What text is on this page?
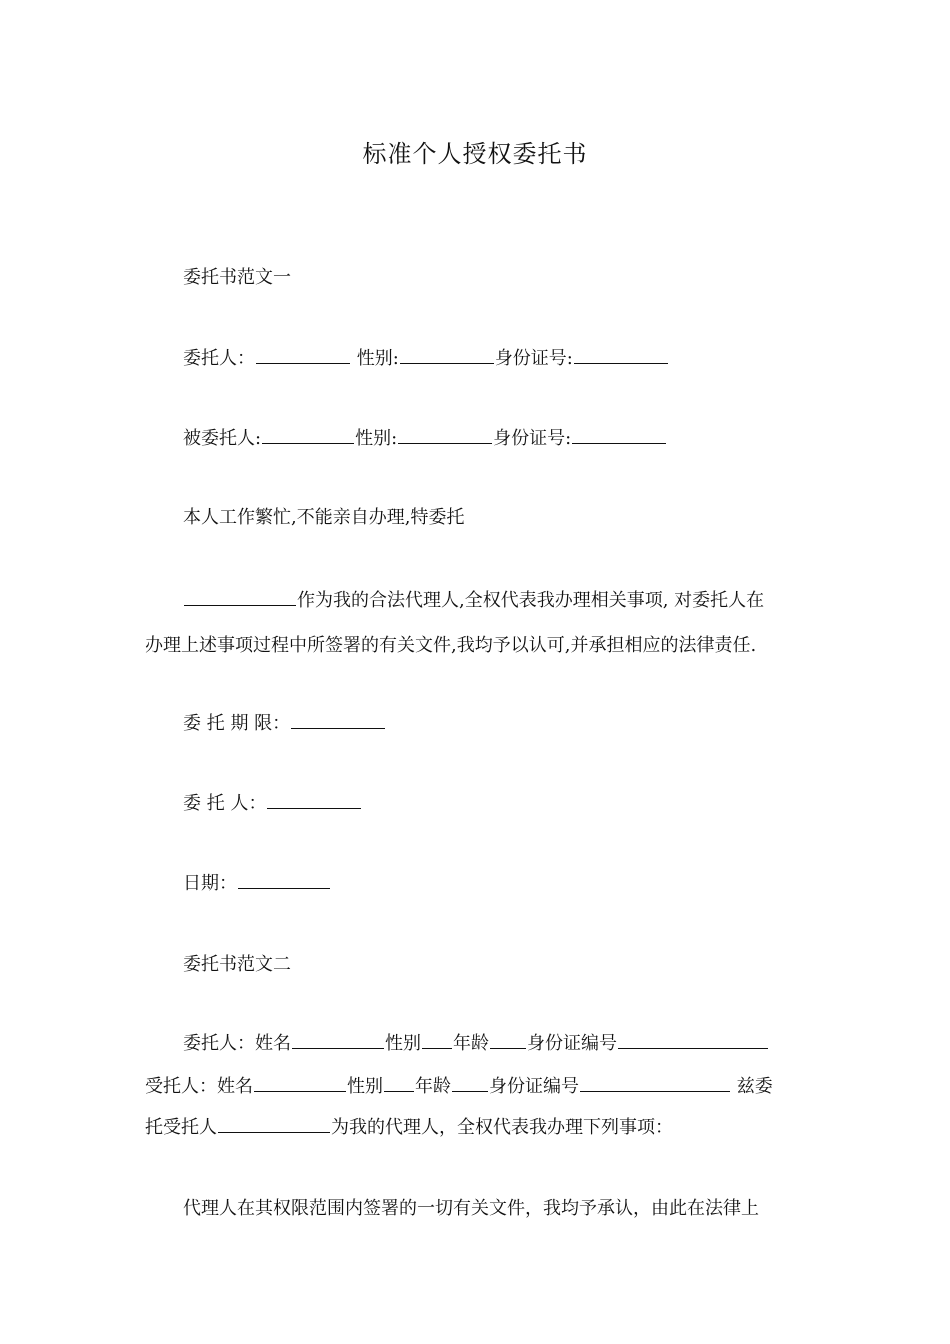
标准个人授权委托书
委托书范文一
委托人：	性别:	身份证号:
被委托人:	性别:	身份证号:
本人工作繁忙,不能亲自办理,特委托
作为我的合法代理人,全权代表我办理相关事项, 对委托人在
办理上述事项过程中所签署的有关文件,我均予以认可,并承担相应的法律责任.
委 托 期 限：
委 托 人：
日期：
委托书范文二
委托人：姓名	性别 年龄 身份证编号
受托人：姓名	性别 年龄 身份证编号	兹委
托受托人	为我的代理人，全权代表我办理下列事项：
代理人在其权限范围内签署的一切有关文件，我均予承认，由此在法律上
